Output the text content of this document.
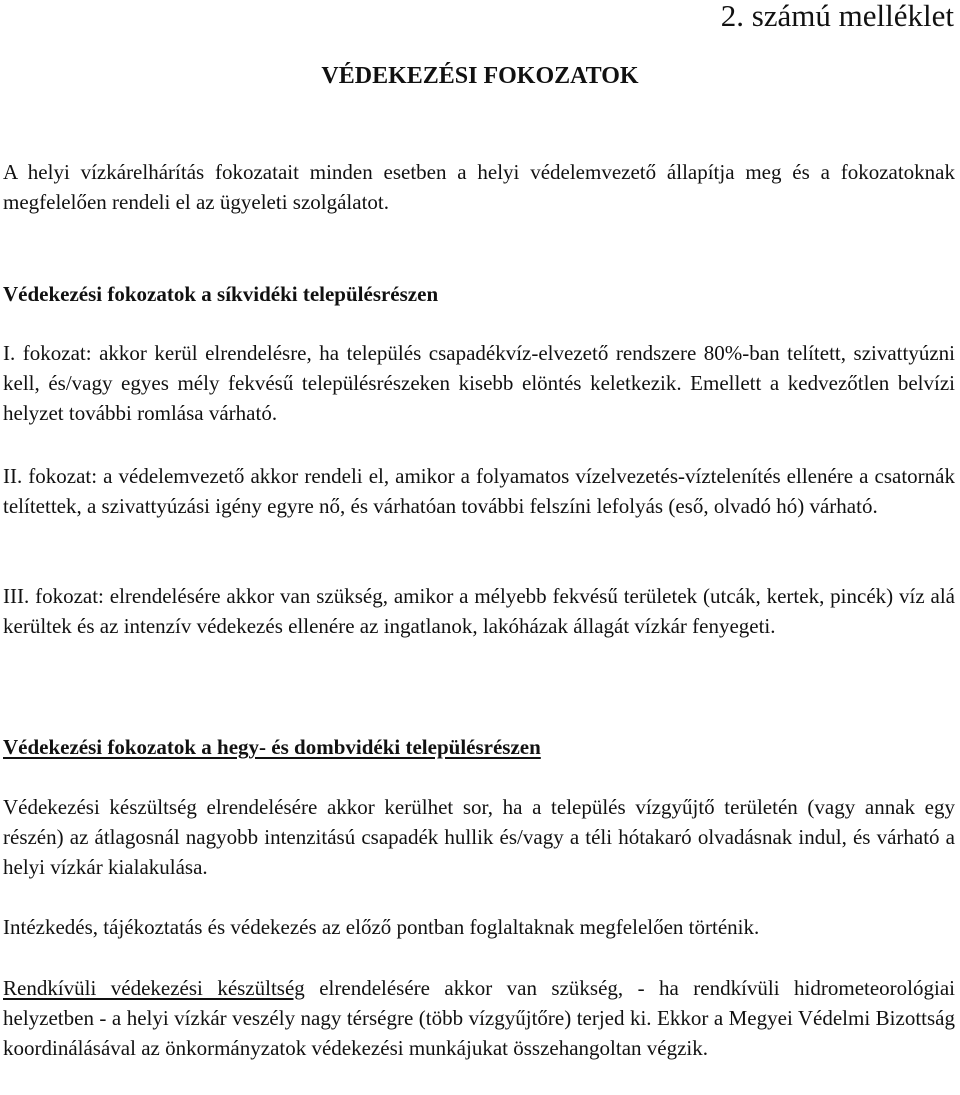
2. számú melléklet
VÉDEKEZÉSI FOKOZATOK

A helyi vízkárelhárítás fokozatait minden esetben a helyi védelemvezető állapítja meg és a fokozatoknak megfelelően rendeli el az ügyeleti szolgálatot.

Védekezési fokozatok a síkvidéki településrészen

I. fokozat: akkor kerül elrendelésre, ha település csapadékvíz-elvezető rendszere 80%-ban telített, szivattyúzni kell, és/vagy egyes mély fekvésű településrészeken kisebb elöntés keletkezik. Emellett a kedvezőtlen belvízi helyzet további romlása várható.

II. fokozat: a védelemvezető akkor rendeli el, amikor a folyamatos vízelvezetés-víztelenítés ellenére a csatornák telítettek, a szivattyúzási igény egyre nő, és várhatóan további felszíni lefolyás (eső, olvadó hó) várható.

III. fokozat: elrendelésére akkor van szükség, amikor a mélyebb fekvésű területek (utcák, kertek, pincék) víz alá kerültek és az intenzív védekezés ellenére az ingatlanok, lakóházak állagát vízkár fenyegeti.

Védekezési fokozatok a hegy- és dombvidéki településrészen

Védekezési készültség elrendelésére akkor kerülhet sor, ha a település vízgyűjtő területén (vagy annak egy részén) az átlagosnál nagyobb intenzitású csapadék hullik és/vagy a téli hótakaró olvadásnak indul, és várható a helyi vízkár kialakulása.

Intézkedés, tájékoztatás és védekezés az előző pontban foglaltaknak megfelelően történik.

Rendkívüli védekezési készültség elrendelésére akkor van szükség, - ha rendkívüli hidrometeorológiai helyzetben - a helyi vízkár veszély nagy térségre (több vízgyűjtőre) terjed ki. Ekkor a Megyei Védelmi Bizottság koordinálásával az önkormányzatok védekezési munkájukat összehangoltan végzik.
